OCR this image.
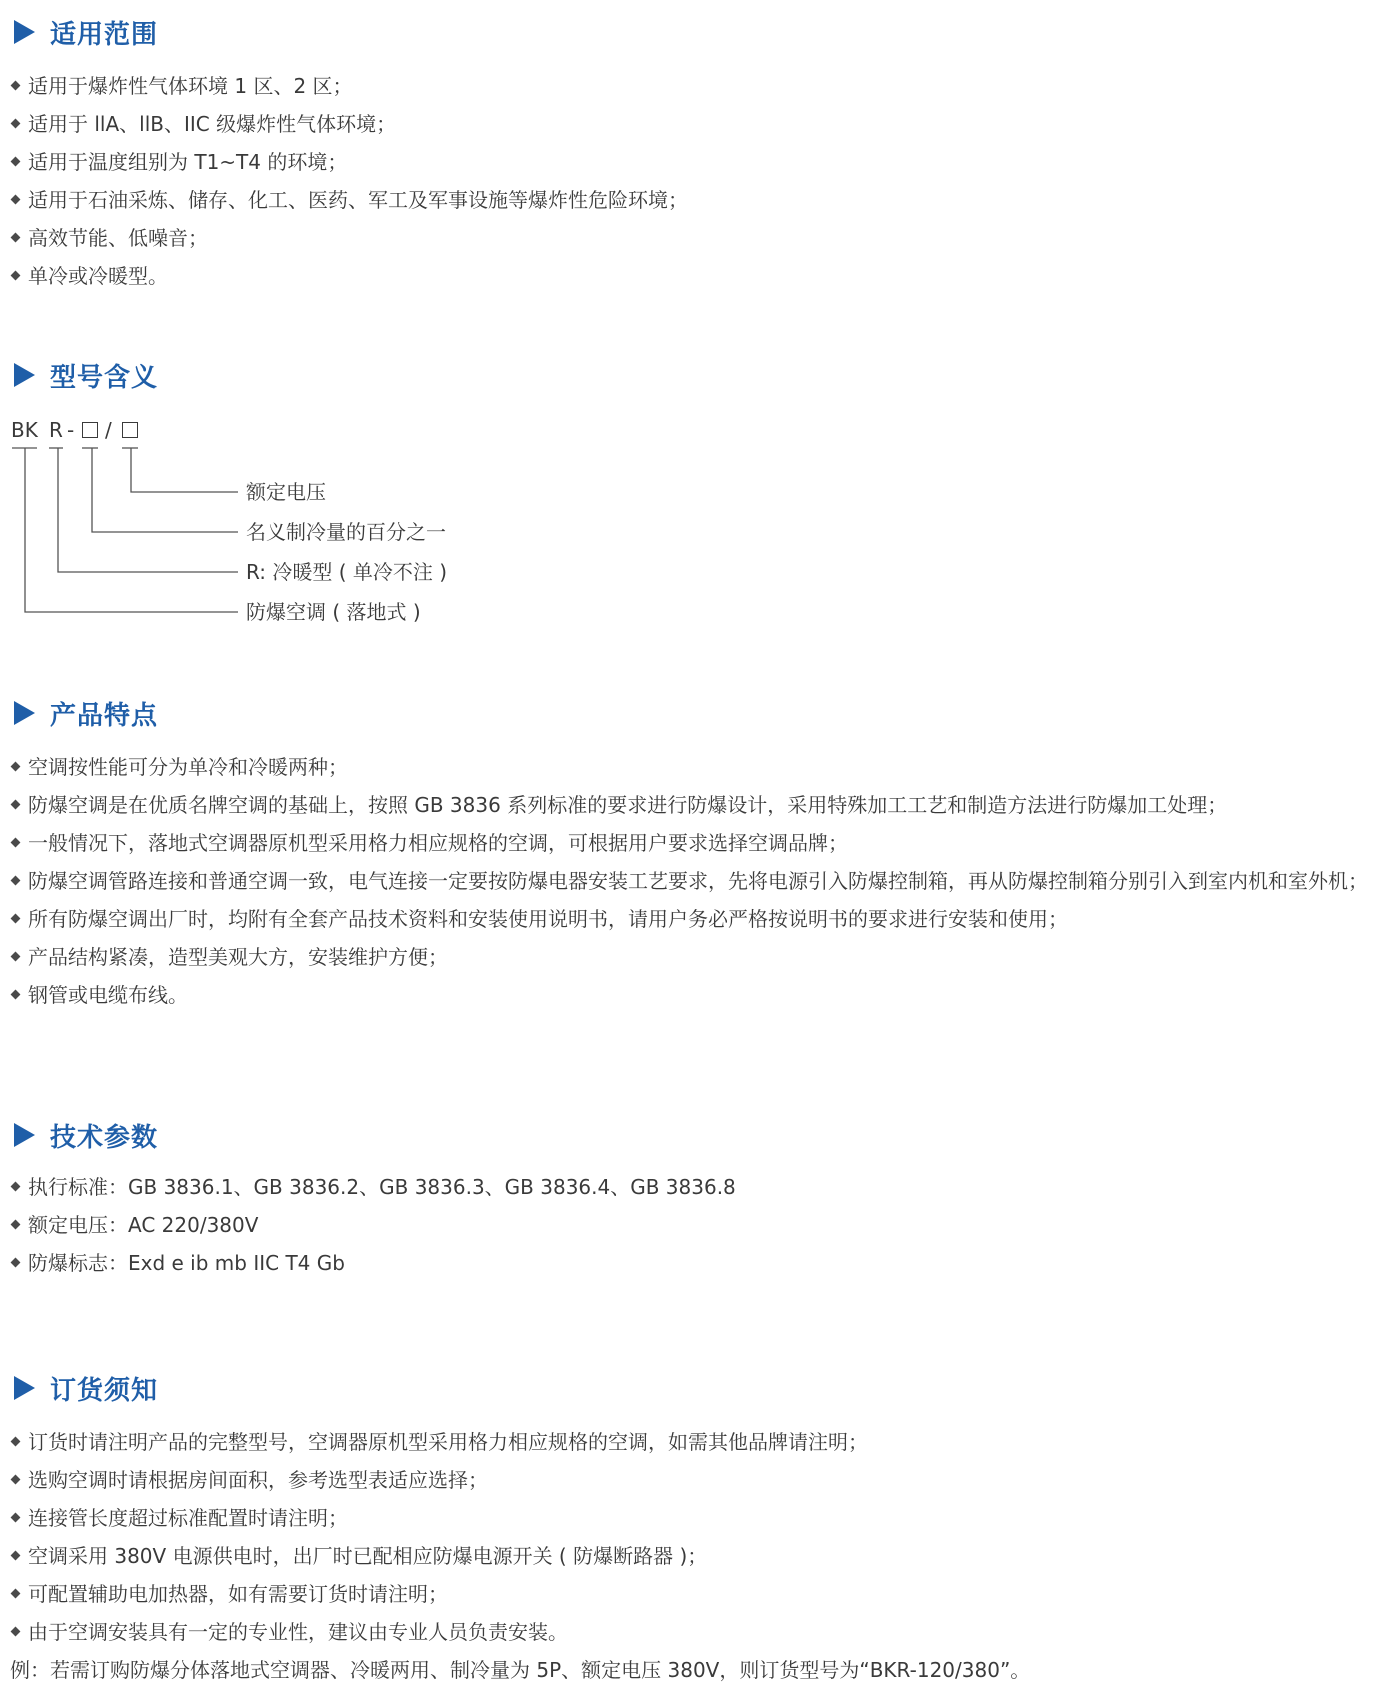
适用范围
适用于爆炸性气体环境 1 区、2 区；
适用于 llA、llB、IIC 级爆炸性气体环境；
适用于温度组别为 T1~T4 的环境；
适用于石油采炼、储存、化工、医药、军工及军事设施等爆炸性危险环境；
高效节能、低噪音；
单冷或冷暖型。
型号含义
BK R - /
额定电压
名义制冷量的百分之一
R: 冷暖型 ( 单冷不注 )
防爆空调 ( 落地式 )
产品特点
空调按性能可分为单冷和冷暖两种；
防爆空调是在优质名牌空调的基础上，按照 GB 3836 系列标准的要求进行防爆设计，采用特殊加工工艺和制造方法进行防爆加工处理；
一般情况下，落地式空调器原机型采用格力相应规格的空调，可根据用户要求选择空调品牌；
防爆空调管路连接和普通空调一致，电气连接一定要按防爆电器安装工艺要求，先将电源引入防爆控制箱，再从防爆控制箱分别引入到室内机和室外机；
所有防爆空调出厂时，均附有全套产品技术资料和安装使用说明书，请用户务必严格按说明书的要求进行安装和使用；
产品结构紧凑，造型美观大方，安装维护方便；
钢管或电缆布线。
技术参数
执行标准：GB 3836.1、GB 3836.2、GB 3836.3、GB 3836.4、GB 3836.8
额定电压：AC 220/380V
防爆标志：Exd e ib mb IIC T4 Gb
订货须知
订货时请注明产品的完整型号，空调器原机型采用格力相应规格的空调，如需其他品牌请注明；
选购空调时请根据房间面积，参考选型表适应选择；
连接管长度超过标准配置时请注明；
空调采用 380V 电源供电时，出厂时已配相应防爆电源开关 ( 防爆断路器 )；
可配置辅助电加热器，如有需要订货时请注明；
由于空调安装具有一定的专业性，建议由专业人员负责安装。
例：若需订购防爆分体落地式空调器、冷暖两用、制冷量为 5P、额定电压 380V，则订货型号为“BKR-120/380”。
